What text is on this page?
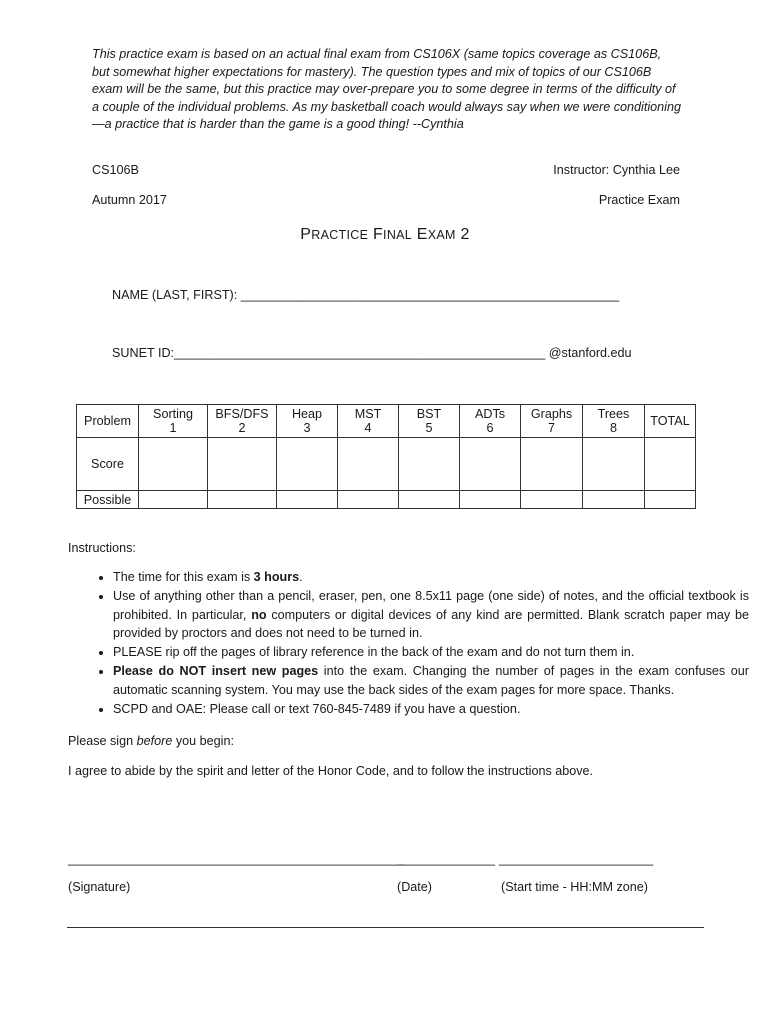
This practice exam is based on an actual final exam from CS106X (same topics coverage as CS106B, but somewhat higher expectations for mastery). The question types and mix of topics of our CS106B exam will be the same, but this practice may over-prepare you to some degree in terms of the difficulty of a couple of the individual problems. As my basketball coach would always say when we were conditioning—a practice that is harder than the game is a good thing! --Cynthia
CS106B	Instructor: Cynthia Lee
Autumn 2017	Practice Exam
PRACTICE FINAL EXAM 2
NAME (LAST, FIRST): ______________________________________________________
SUNET ID:_____________________________________________________ @stanford.edu
Problem	Sorting	BFS/DFS	Heap	MST	BST	ADTs	Graphs	Trees	TOTAL
	1	2	3	4	5	6	7	8	
Score									
Possible									
Instructions:
• The time for this exam is 3 hours.
• Use of anything other than a pencil, eraser, pen, one 8.5x11 page (one side) of notes, and the official textbook is prohibited. In particular, no computers or digital devices of any kind are permitted. Blank scratch paper may be provided by proctors and does not need to be turned in.
• PLEASE rip off the pages of library reference in the back of the exam and do not turn them in.
• Please do NOT insert new pages into the exam. Changing the number of pages in the exam confuses our automatic scanning system. You may use the back sides of the exam pages for more space. Thanks.
• SCPD and OAE: Please call or text 760-845-7489 if you have a question.
Please sign before you begin:
I agree to abide by the spirit and letter of the Honor Code, and to follow the instructions above.
________________________________________________
______________ ______________________
(Signature)	(Date)	(Start time - HH:MM zone)
